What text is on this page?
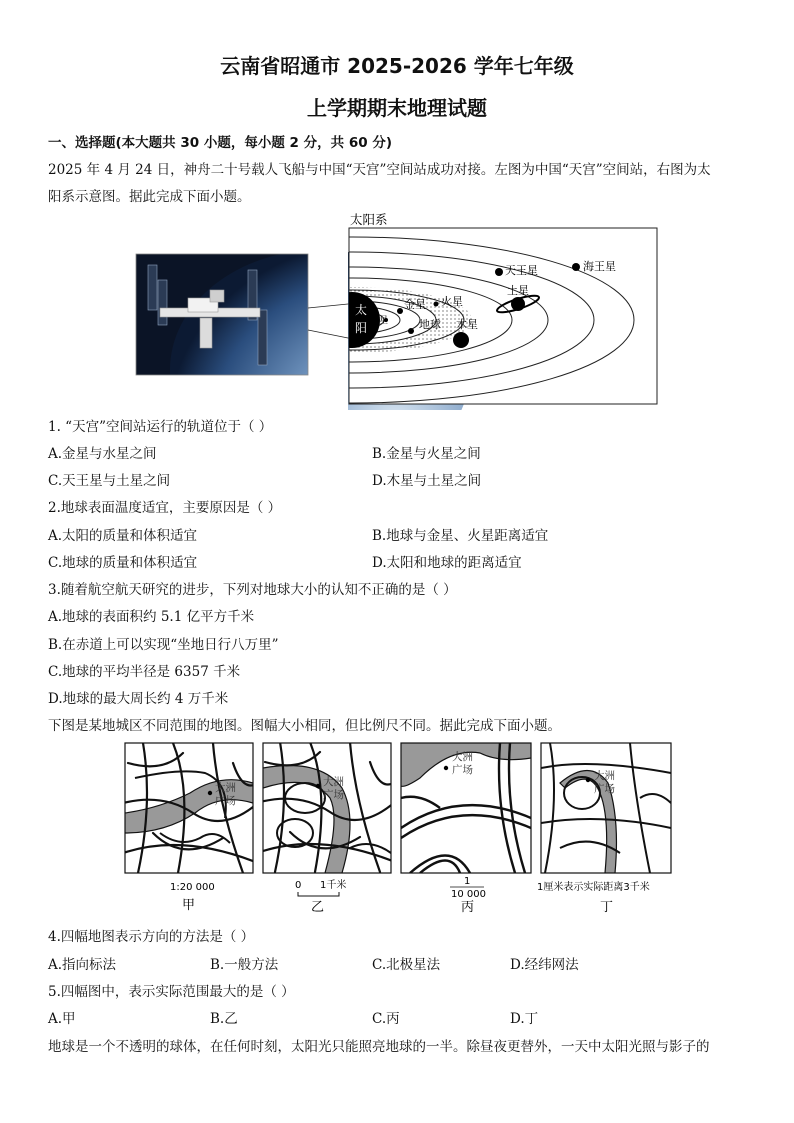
云南省昭通市 2025-2026 学年七年级
上学期期末地理试题
一、选择题(本大题共 30 小题，每小题 2 分，共 60 分)
2025 年 4 月 24 日，神舟二十号载人飞船与中国“天宫”空间站成功对接。左图为中国“天宫”空间站，右图为太
阳系示意图。据此完成下面小题。
太阳系
太
阳 水星
金星 火星
地球 木星
土星
天王星	海王星
1. “天宫”空间站运行的轨道位于（ ）
A.金星与水星之间	B.金星与火星之间
C.天王星与土星之间	D.木星与土星之间
2.地球表面温度适宜，主要原因是（ ）
A.太阳的质量和体积适宜	B.地球与金星、火星距离适宜
C.地球的质量和体积适宜	D.太阳和地球的距离适宜
3.随着航空航天研究的进步，下列对地球大小的认知不正确的是（ ）
A.地球的表面积约 5.1 亿平方千米
B.在赤道上可以实现“坐地日行八万里”
C.地球的平均半径是 6357 千米
D.地球的最大周长约 4 万千米
下图是某地城区不同范围的地图。图幅大小相同，但比例尺不同。据此完成下面小题。
大洲
广场
1:20 000
甲
大洲
广场
0 1千米
乙
大洲
广场
1
10 000
丙
大洲
广场
1厘米表示实际距离3千米
丁
4.四幅地图表示方向的方法是（ ）
A.指向标法	B.一般方法	C.北极星法	D.经纬网法
5.四幅图中，表示实际范围最大的是（ ）
A.甲	B.乙	C.丙	D.丁
地球是一个不透明的球体，在任何时刻，太阳光只能照亮地球的一半。除昼夜更替外，一天中太阳光照与影子的
